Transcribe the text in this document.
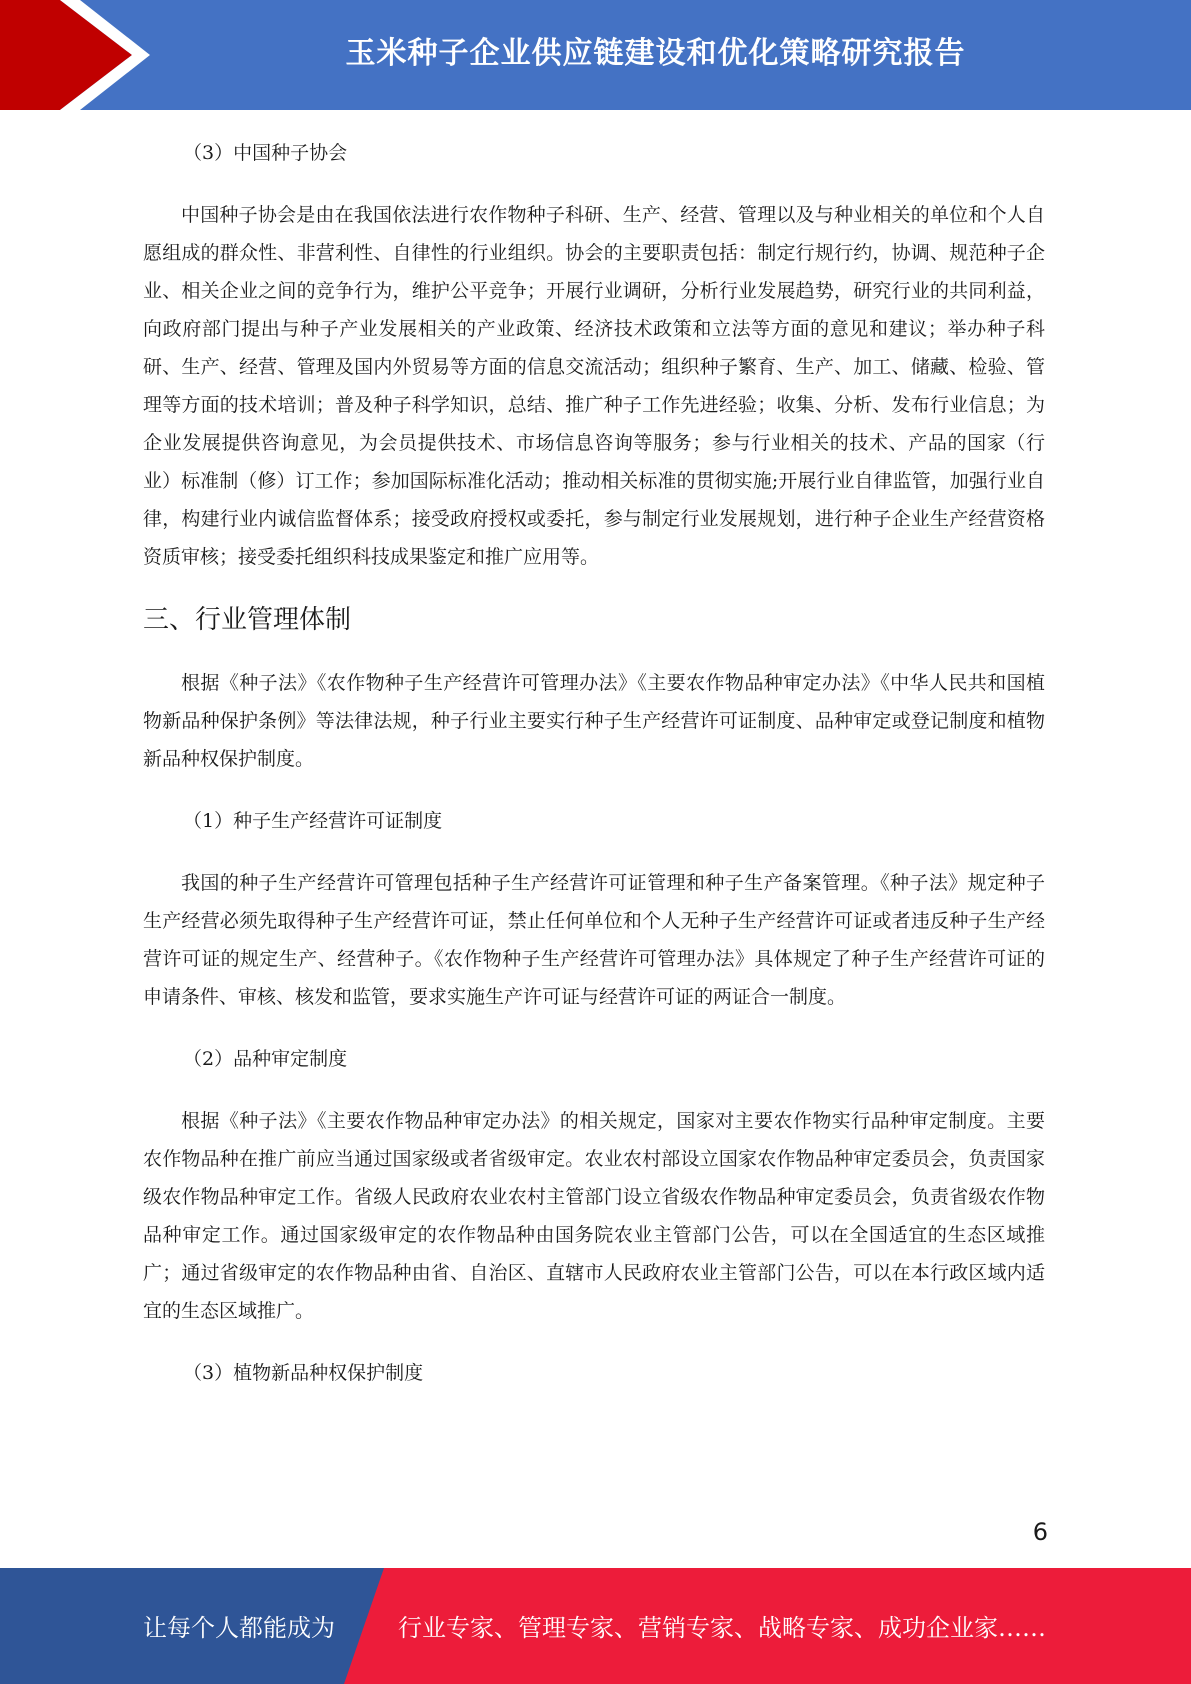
玉米种子企业供应链建设和优化策略研究报告

（3）中国种子协会

中国种子协会是由在我国依法进行农作物种子科研、生产、经营、管理以及与种业相关的单位和个人自愿组成的群众性、非营利性、自律性的行业组织。协会的主要职责包括：制定行规行约，协调、规范种子企业、相关企业之间的竞争行为，维护公平竞争；开展行业调研，分析行业发展趋势，研究行业的共同利益，向政府部门提出与种子产业发展相关的产业政策、经济技术政策和立法等方面的意见和建议；举办种子科研、生产、经营、管理及国内外贸易等方面的信息交流活动；组织种子繁育、生产、加工、储藏、检验、管理等方面的技术培训；普及种子科学知识，总结、推广种子工作先进经验；收集、分析、发布行业信息；为企业发展提供咨询意见，为会员提供技术、市场信息咨询等服务；参与行业相关的技术、产品的国家（行业）标准制（修）订工作；参加国际标准化活动；推动相关标准的贯彻实施;开展行业自律监管，加强行业自律，构建行业内诚信监督体系；接受政府授权或委托，参与制定行业发展规划，进行种子企业生产经营资格资质审核；接受委托组织科技成果鉴定和推广应用等。

三、行业管理体制

根据《种子法》《农作物种子生产经营许可管理办法》《主要农作物品种审定办法》《中华人民共和国植物新品种保护条例》等法律法规，种子行业主要实行种子生产经营许可证制度、品种审定或登记制度和植物新品种权保护制度。

（1）种子生产经营许可证制度

我国的种子生产经营许可管理包括种子生产经营许可证管理和种子生产备案管理。《种子法》规定种子生产经营必须先取得种子生产经营许可证，禁止任何单位和个人无种子生产经营许可证或者违反种子生产经营许可证的规定生产、经营种子。《农作物种子生产经营许可管理办法》具体规定了种子生产经营许可证的申请条件、审核、核发和监管，要求实施生产许可证与经营许可证的两证合一制度。

（2）品种审定制度

根据《种子法》《主要农作物品种审定办法》的相关规定，国家对主要农作物实行品种审定制度。主要农作物品种在推广前应当通过国家级或者省级审定。农业农村部设立国家农作物品种审定委员会，负责国家级农作物品种审定工作。省级人民政府农业农村主管部门设立省级农作物品种审定委员会，负责省级农作物品种审定工作。通过国家级审定的农作物品种由国务院农业主管部门公告，可以在全国适宜的生态区域推广；通过省级审定的农作物品种由省、自治区、直辖市人民政府农业主管部门公告，可以在本行政区域内适宜的生态区域推广。

（3）植物新品种权保护制度

6
让每个人都能成为	行业专家、管理专家、营销专家、战略专家、成功企业家……
